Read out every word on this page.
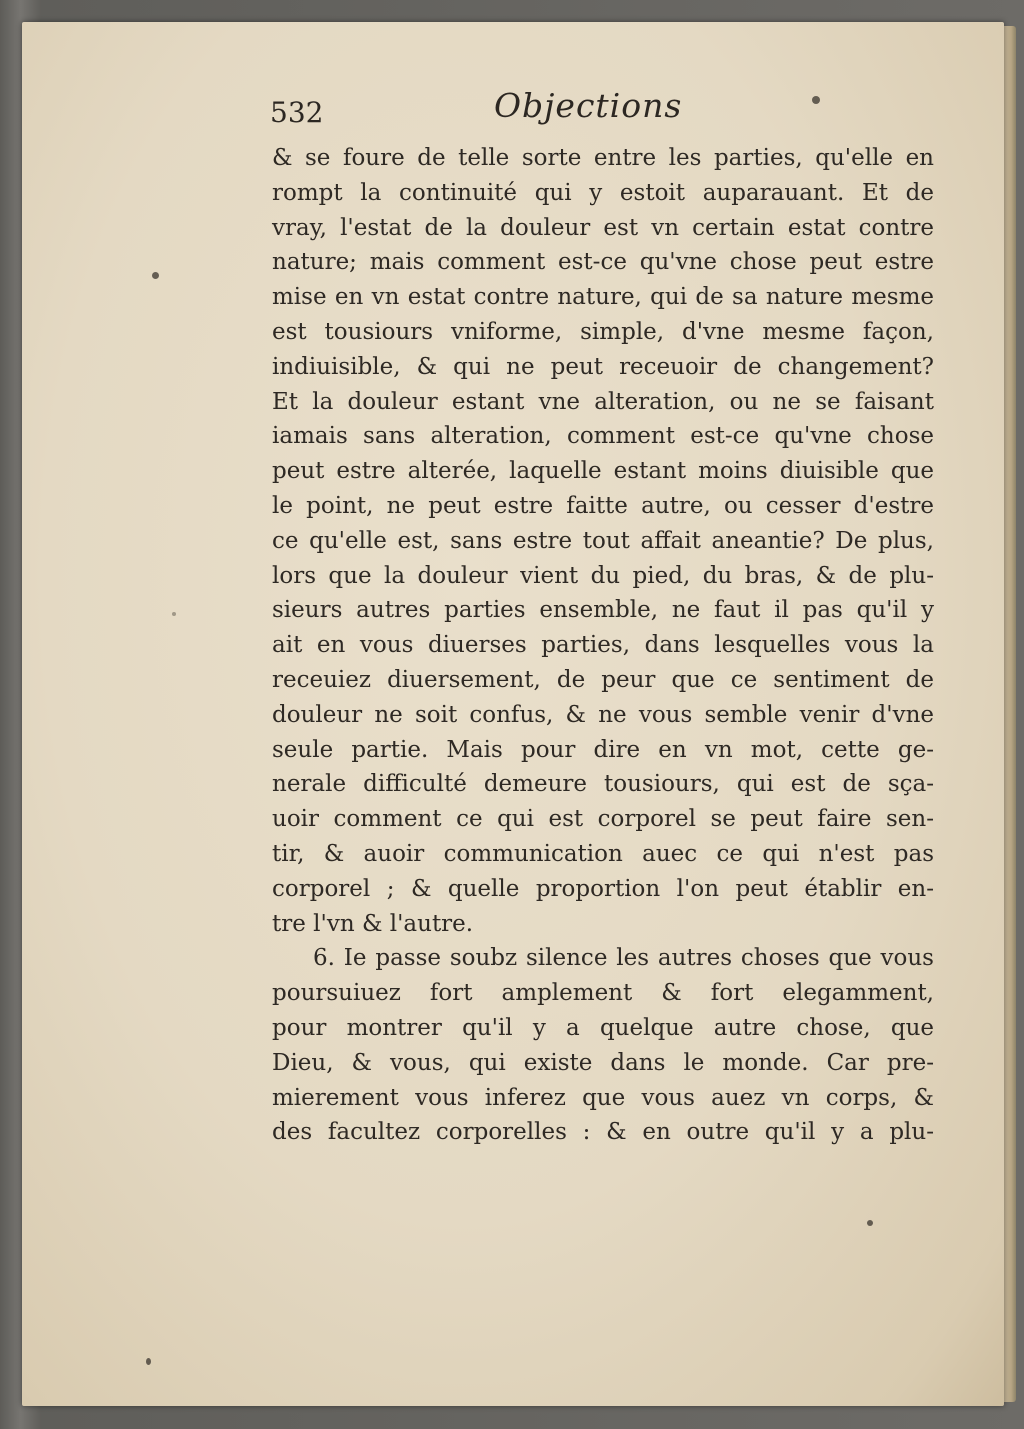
532	Objections
& se foure de telle sorte entre les parties, qu'elle en
rompt la continuité qui y estoit auparauant. Et de
vray, l'estat de la douleur est vn certain estat contre
nature; mais comment est-ce qu'vne chose peut estre
mise en vn estat contre nature, qui de sa nature mesme
est tousiours vniforme, simple, d'vne mesme façon,
indiuisible, & qui ne peut receuoir de changement?
Et la douleur estant vne alteration, ou ne se faisant
iamais sans alteration, comment est-ce qu'vne chose
peut estre alterée, laquelle estant moins diuisible que
le point, ne peut estre faitte autre, ou cesser d'estre
ce qu'elle est, sans estre tout affait aneantie? De plus,
lors que la douleur vient du pied, du bras, & de plu-
sieurs autres parties ensemble, ne faut il pas qu'il y
ait en vous diuerses parties, dans lesquelles vous la
receuiez diuersement, de peur que ce sentiment de
douleur ne soit confus, & ne vous semble venir d'vne
seule partie. Mais pour dire en vn mot, cette ge-
nerale difficulté demeure tousiours, qui est de sça-
uoir comment ce qui est corporel se peut faire sen-
tir, & auoir communication auec ce qui n'est pas
corporel ; & quelle proportion l'on peut établir en-
tre l'vn & l'autre.
6. Ie passe soubz silence les autres choses que vous
poursuiuez fort amplement & fort elegamment,
pour montrer qu'il y a quelque autre chose, que
Dieu, & vous, qui existe dans le monde. Car pre-
mierement vous inferez que vous auez vn corps, &
des facultez corporelles : & en outre qu'il y a plu-
